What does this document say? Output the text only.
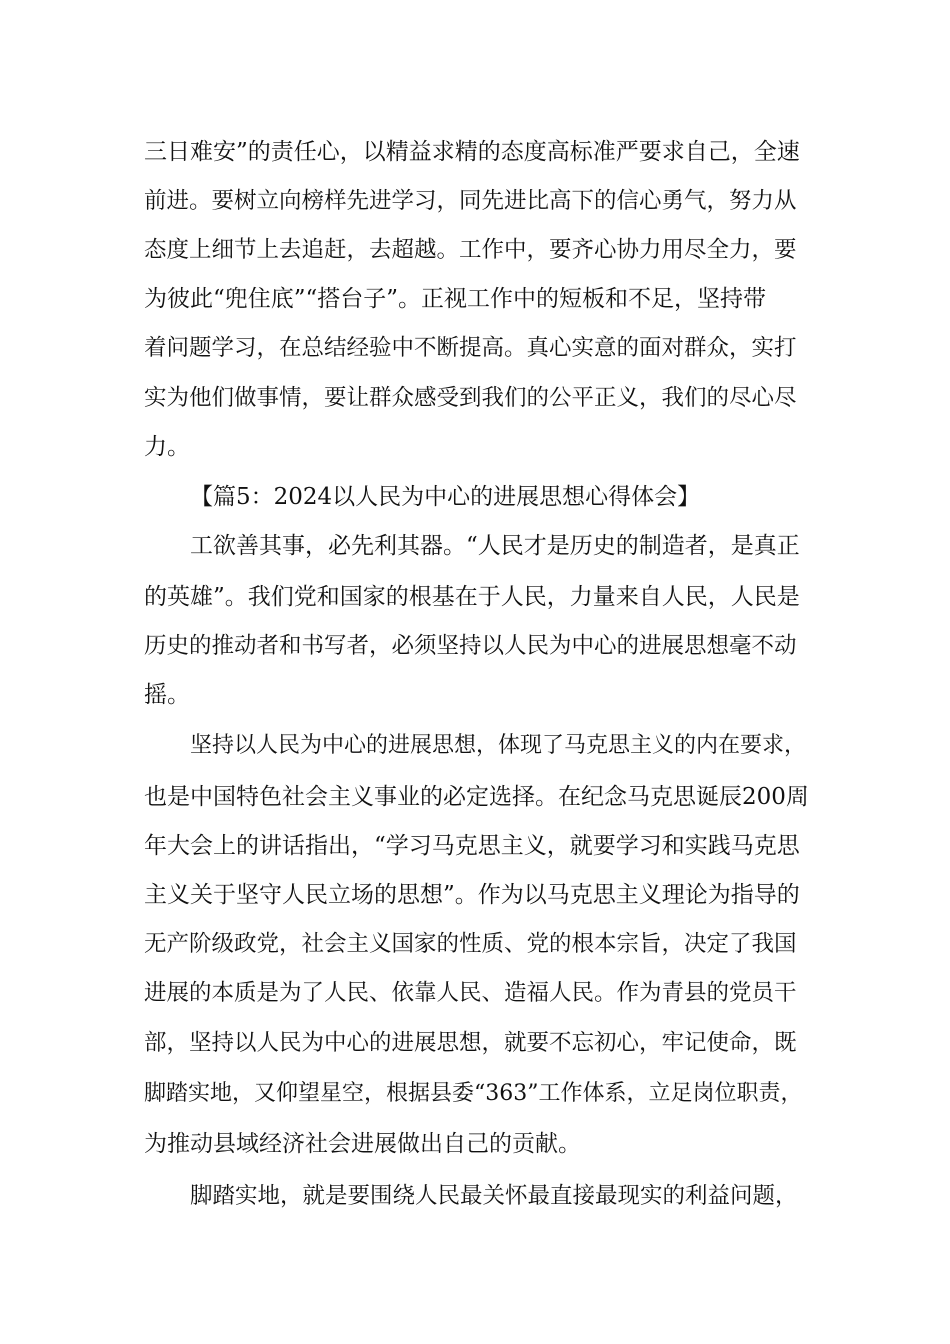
三日难安”的责任心，以精益求精的态度高标准严要求自己，全速
前进。要树立向榜样先进学习，同先进比高下的信心勇气，努力从
态度上细节上去追赶，去超越。工作中，要齐心协力用尽全力，要
为彼此“兜住底”“搭台子”。正视工作中的短板和不足，坚持带
着问题学习，在总结经验中不断提高。真心实意的面对群众，实打
实为他们做事情，要让群众感受到我们的公平正义，我们的尽心尽
力。
【篇5：2024以人民为中心的进展思想心得体会】
工欲善其事，必先利其器。“人民才是历史的制造者，是真正
的英雄”。我们党和国家的根基在于人民，力量来自人民，人民是
历史的推动者和书写者，必须坚持以人民为中心的进展思想毫不动
摇。
坚持以人民为中心的进展思想，体现了马克思主义的内在要求，
也是中国特色社会主义事业的必定选择。在纪念马克思诞辰200周
年大会上的讲话指出，“学习马克思主义，就要学习和实践马克思
主义关于坚守人民立场的思想”。作为以马克思主义理论为指导的
无产阶级政党，社会主义国家的性质、党的根本宗旨，决定了我国
进展的本质是为了人民、依靠人民、造福人民。作为青县的党员干
部，坚持以人民为中心的进展思想，就要不忘初心，牢记使命，既
脚踏实地，又仰望星空，根据县委“363”工作体系，立足岗位职责，
为推动县域经济社会进展做出自己的贡献。
脚踏实地，就是要围绕人民最关怀最直接最现实的利益问题，
